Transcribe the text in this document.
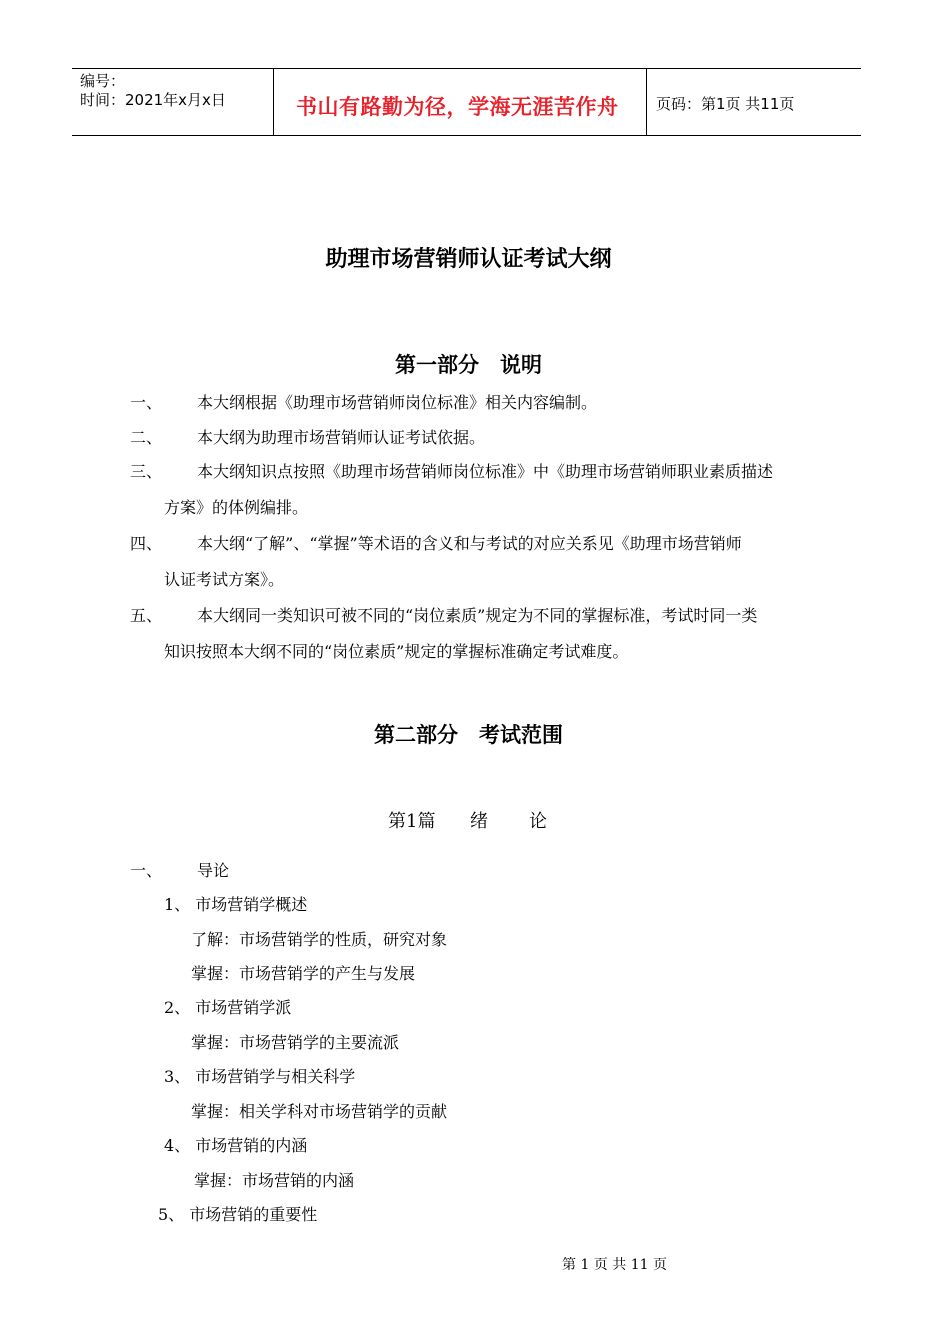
编号：
时间：2021年x月x日	书山有路勤为径，学海无涯苦作舟	页码：第1页 共11页
助理市场营销师认证考试大纲
第一部分　说明
一、 本大纲根据《助理市场营销师岗位标准》相关内容编制。
二、 本大纲为助理市场营销师认证考试依据。
三、 本大纲知识点按照《助理市场营销师岗位标准》中《助理市场营销师职业素质描述
方案》的体例编排。
四、 本大纲“了解”、“掌握”等术语的含义和与考试的对应关系见《助理市场营销师
认证考试方案》。
五、 本大纲同一类知识可被不同的“岗位素质”规定为不同的掌握标准，考试时同一类
知识按照本大纲不同的“岗位素质”规定的掌握标准确定考试难度。
第二部分　考试范围
第1篇 绪 论
一、 导论
1、 市场营销学概述
了解：市场营销学的性质，研究对象
掌握：市场营销学的产生与发展
2、 市场营销学派
掌握：市场营销学的主要流派
3、 市场营销学与相关科学
掌握：相关学科对市场营销学的贡献
4、 市场营销的内涵
掌握：市场营销的内涵
5、 市场营销的重要性
第 1 页 共 11 页
